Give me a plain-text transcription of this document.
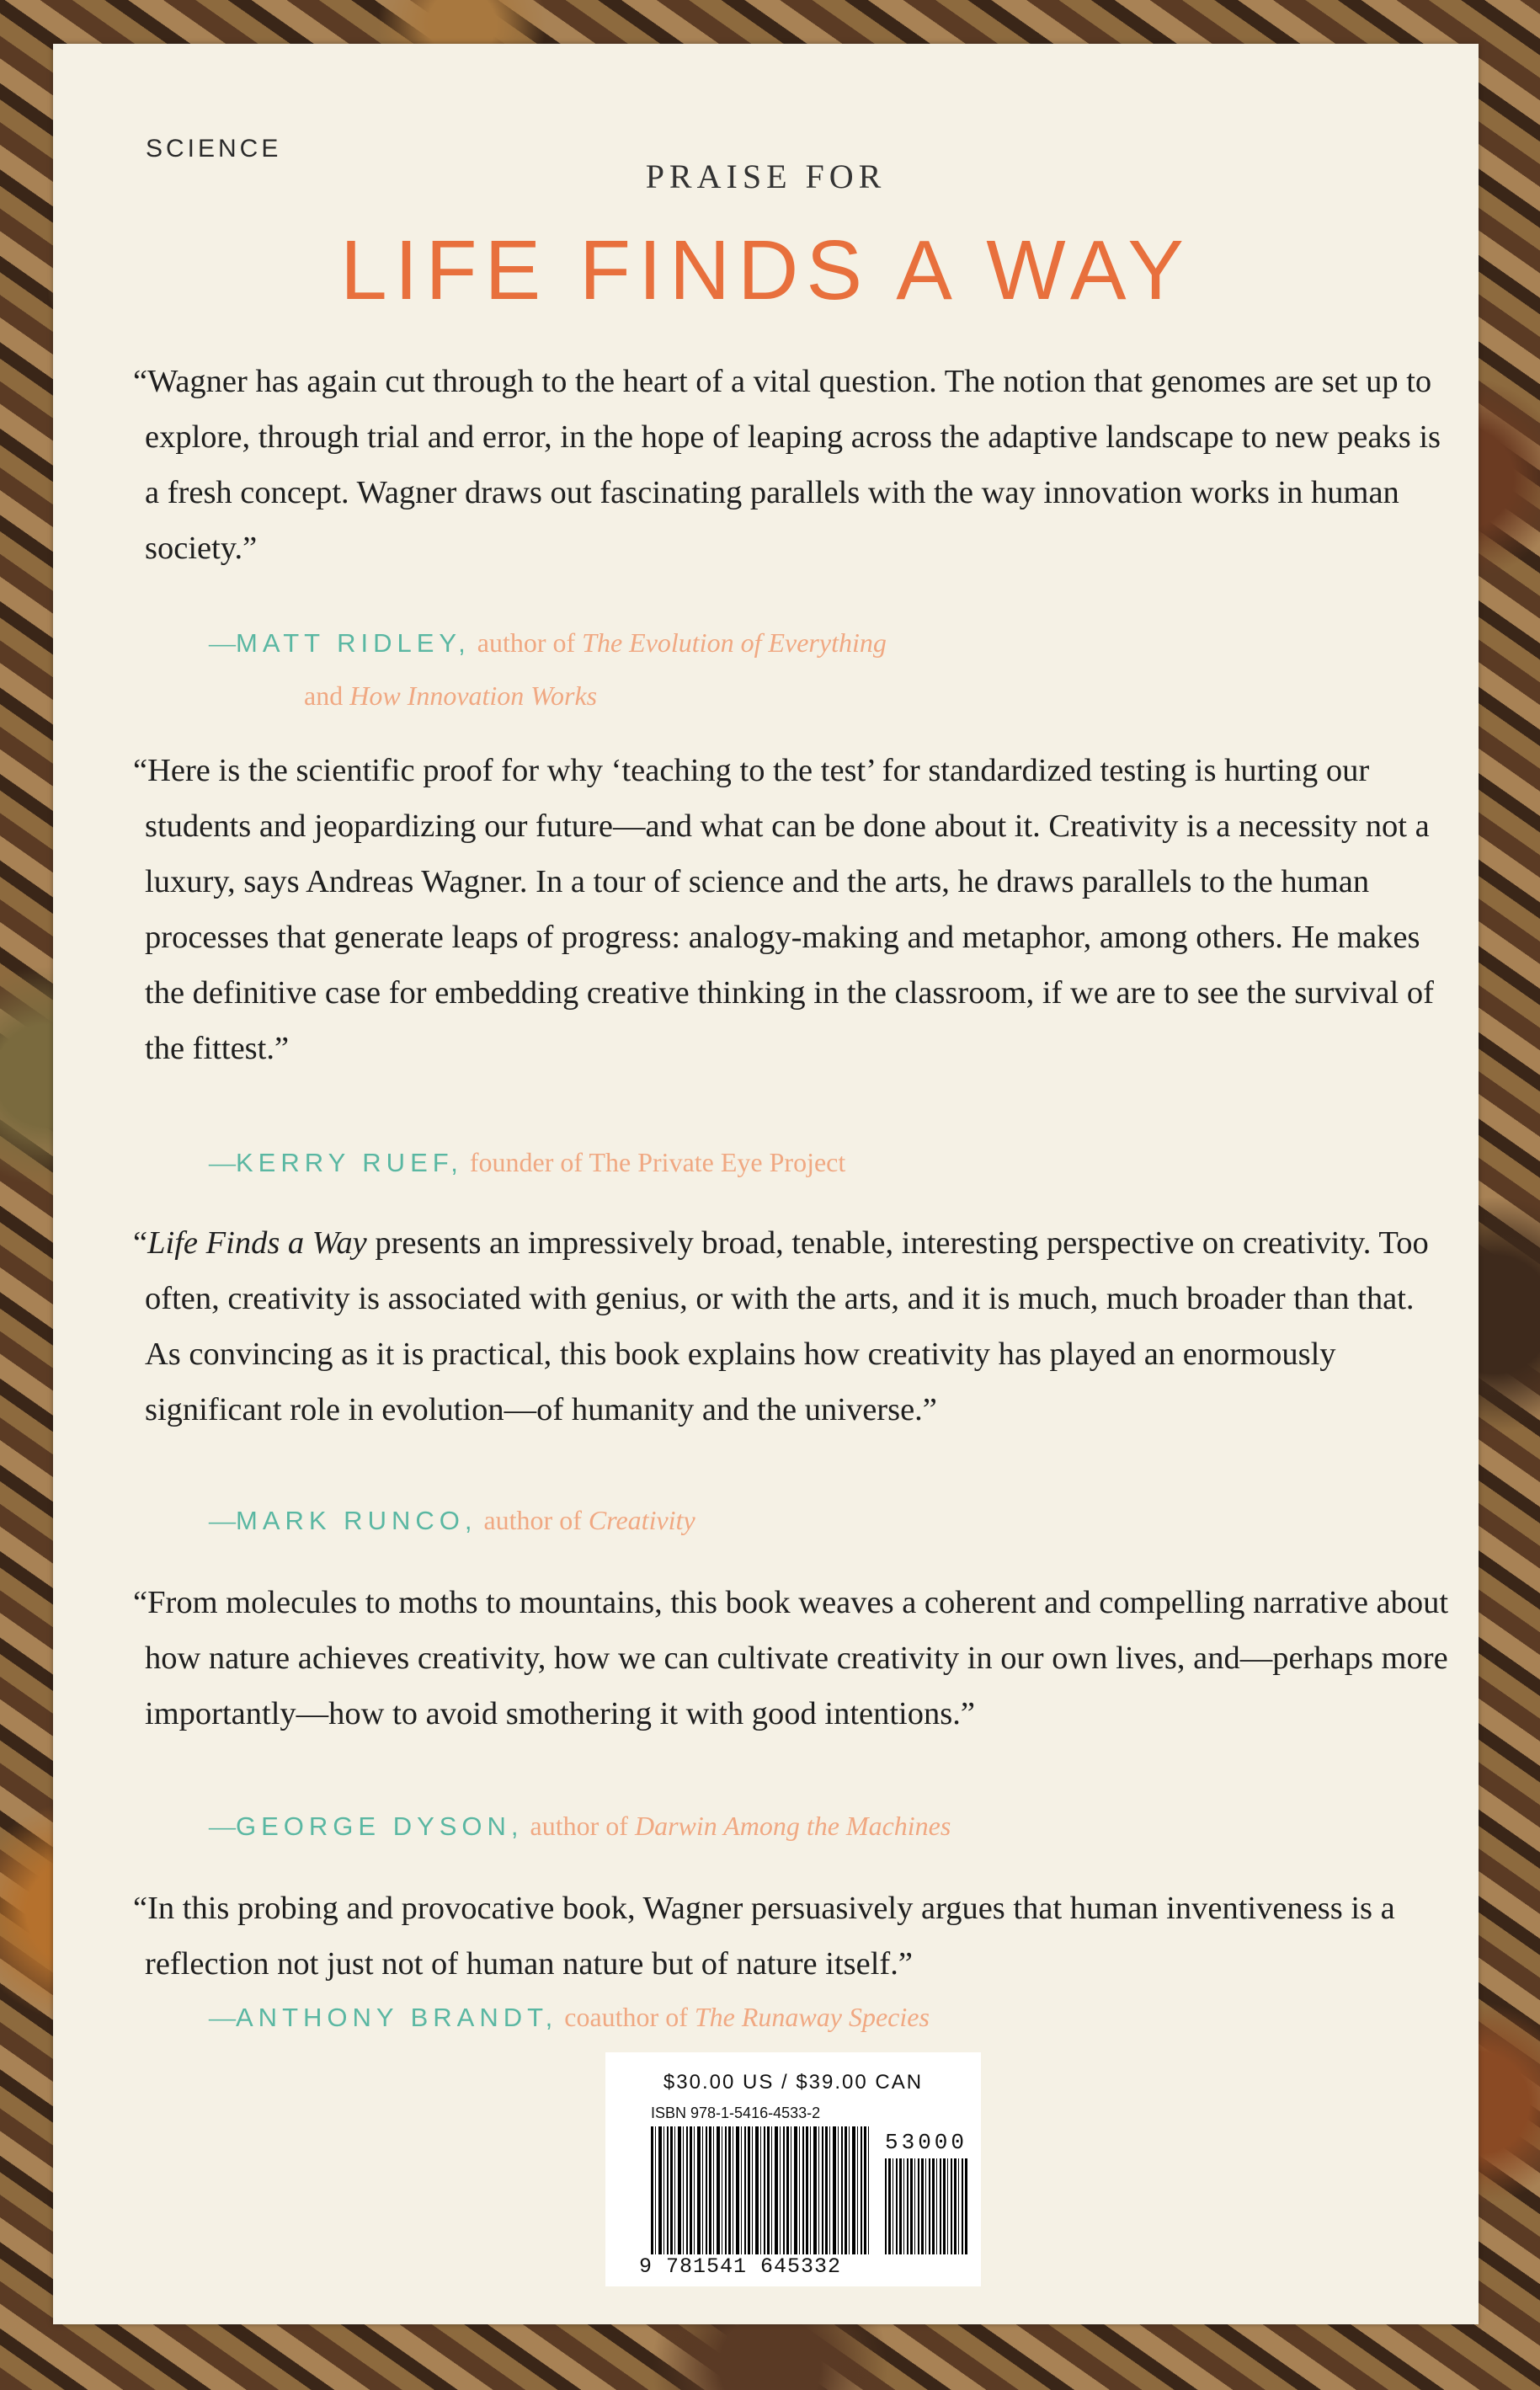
SCIENCE
PRAISE FOR
LIFE FINDS A WAY
“Wagner has again cut through to the heart of a vital question. The notion that genomes are set up to explore, through trial and error, in the hope of leaping across the adaptive landscape to new peaks is a fresh concept. Wagner draws out fascinating parallels with the way innovation works in human society.”
—MATT RIDLEY, author of The Evolution of Everything
and How Innovation Works
“Here is the scientific proof for why ‘teaching to the test’ for standardized testing is hurting our students and jeopardizing our future—and what can be done about it. Creativity is a necessity not a luxury, says Andreas Wagner. In a tour of science and the arts, he draws parallels to the human processes that generate leaps of progress: analogy-making and metaphor, among others. He makes the definitive case for embedding creative thinking in the classroom, if we are to see the survival of the fittest.”
—KERRY RUEF, founder of The Private Eye Project
“Life Finds a Way presents an impressively broad, tenable, interesting perspective on creativity. Too often, creativity is associated with genius, or with the arts, and it is much, much broader than that. As convincing as it is practical, this book explains how creativity has played an enormously significant role in evolution—of humanity and the universe.”
—MARK RUNCO, author of Creativity
“From molecules to moths to mountains, this book weaves a coherent and compelling narrative about how nature achieves creativity, how we can cultivate creativity in our own lives, and—perhaps more importantly—how to avoid smothering it with good intentions.”
—GEORGE DYSON, author of Darwin Among the Machines
“In this probing and provocative book, Wagner persuasively argues that human inventiveness is a reflection not just not of human nature but of nature itself.”
—ANTHONY BRANDT, coauthor of The Runaway Species
$30.00 US / $39.00 CAN
ISBN 978-1-5416-4533-2
53000
9 781541 645332
